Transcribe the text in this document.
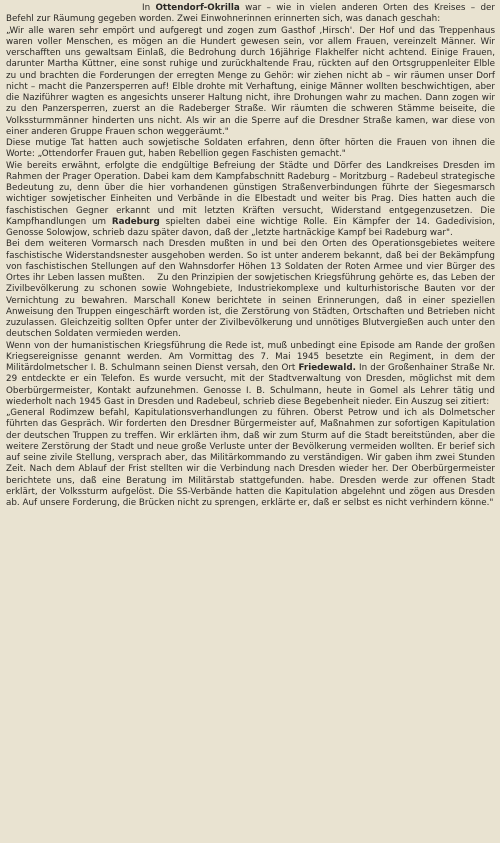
In Ottendorf-Okrilla war – wie in vielen anderen Orten des Kreises – der Befehl zur Räumung gegeben worden. Zwei Einwohnerinnen erinnerten sich, was danach geschah:

„Wir alle waren sehr empört und aufgeregt und zogen zum Gasthof ‚Hirsch'. Der Hof und das Treppenhaus waren voller Menschen, es mögen an die Hundert gewesen sein, vor allem Frauen, vereinzelt Männer. Wir verschafften uns gewaltsam Einlaß, die Bedrohung durch 16jährige Flakhelfer nicht achtend. Einige Frauen, darunter Martha Küttner, eine sonst ruhige und zurückhaltende Frau, rückten auf den Ortsgruppenleiter Elble zu und brachten die Forderungen der erregten Menge zu Gehör: wir ziehen nicht ab – wir räumen unser Dorf nicht – macht die Panzersperren auf! Elble drohte mit Verhaftung, einige Männer wollten beschwichtigen, aber die Naziführer wagten es angesichts unserer Haltung nicht, ihre Drohungen wahr zu machen. Dann zogen wir zu den Panzersperren, zuerst an die Radeberger Straße. Wir räumten die schweren Stämme beiseite, die Volkssturmmänner hinderten uns nicht. Als wir an die Sperre auf die Dresdner Straße kamen, war diese von einer anderen Gruppe Frauen schon weggeräumt."

Diese mutige Tat hatten auch sowjetische Soldaten erfahren, denn öfter hörten die Frauen von ihnen die Worte: „Ottendorfer Frauen gut, haben Rebellion gegen Faschisten gemacht."

Wie bereits erwähnt, erfolgte die endgültige Befreiung der Städte und Dörfer des Landkreises Dresden im Rahmen der Prager Operation. Dabei kam dem Kampfabschnitt Radeburg – Moritzburg – Radebeul strategische Bedeutung zu, denn über die hier vorhandenen günstigen Straßenverbindungen führte der Siegesmarsch wichtiger sowjetischer Einheiten und Verbände in die Elbestadt und weiter bis Prag. Dies hatten auch die faschistischen Gegner erkannt und mit letzten Kräften versucht, Widerstand entgegenzusetzen. Die Kampfhandlungen um Radeburg spielten dabei eine wichtige Rolle. Ein Kämpfer der 14. Gadedivision, Genosse Solowjow, schrieb dazu später davon, daß der „letzte hartnäckige Kampf bei Radeburg war".

Bei dem weiteren Vormarsch nach Dresden mußten in und bei den Orten des Operationsgebietes weitere faschistische Widerstandsnester ausgehoben werden. So ist unter anderem bekannt, daß bei der Bekämpfung von faschistischen Stellungen auf den Wahnsdorfer Höhen 13 Soldaten der Roten Armee und vier Bürger des Ortes ihr Leben lassen mußten.    Zu den Prinzipien der sowjetischen Kriegsführung gehörte es, das Leben der Zivilbevölkerung zu schonen sowie Wohngebiete, Industriekomplexe und kulturhistorische Bauten vor der Vernichtung zu bewahren. Marschall Konew berichtete in seinen Erinnerungen, daß in einer speziellen Anweisung den Truppen eingeschärft worden ist, die Zerstörung von Städten, Ortschaften und Betrieben nicht zuzulassen. Gleichzeitig sollten Opfer unter der Zivilbevölkerung und unnötiges Blutvergießen auch unter den deutschen Soldaten vermieden werden.

Wenn von der humanistischen Kriegsführung die Rede ist, muß unbedingt eine Episode am Rande der großen Kriegsereignisse genannt werden. Am Vormittag des 7. Mai 1945 besetzte ein Regiment, in dem der Militärdolmetscher I. B. Schulmann seinen Dienst versah, den Ort Friedewald. In der Großenhainer Straße Nr. 29 entdeckte er ein Telefon. Es wurde versucht, mit der Stadtverwaltung von Dresden, möglichst mit dem Oberbürgermeister, Kontakt aufzunehmen. Genosse I. B. Schulmann, heute in Gomel als Lehrer tätig und wiederholt nach 1945 Gast in Dresden und Radebeul, schrieb diese Begebenheit nieder. Ein Auszug sei zitiert:

„General Rodimzew befahl, Kapitulationsverhandlungen zu führen. Oberst Petrow und ich als Dolmetscher führten das Gespräch. Wir forderten den Dresdner Bürgermeister auf, Maßnahmen zur sofortigen Kapitulation der deutschen Truppen zu treffen. Wir erklärten ihm, daß wir zum Sturm auf die Stadt bereitstünden, aber die weitere Zerstörung der Stadt und neue große Verluste unter der Bevölkerung vermeiden wollten. Er berief sich auf seine zivile Stellung, versprach aber, das Militärkommando zu verständigen. Wir gaben ihm zwei Stunden Zeit. Nach dem Ablauf der Frist stellten wir die Verbindung nach Dresden wieder her. Der Oberbürgermeister berichtete uns, daß eine Beratung im Militärstab stattgefunden. habe. Dresden werde zur offenen Stadt erklärt, der Volkssturm aufgelöst. Die SS-Verbände hatten die Kapitulation abgelehnt und zögen aus Dresden ab. Auf unsere Forderung, die Brücken nicht zu sprengen, erklärte er, daß er selbst es nicht verhindern könne."
